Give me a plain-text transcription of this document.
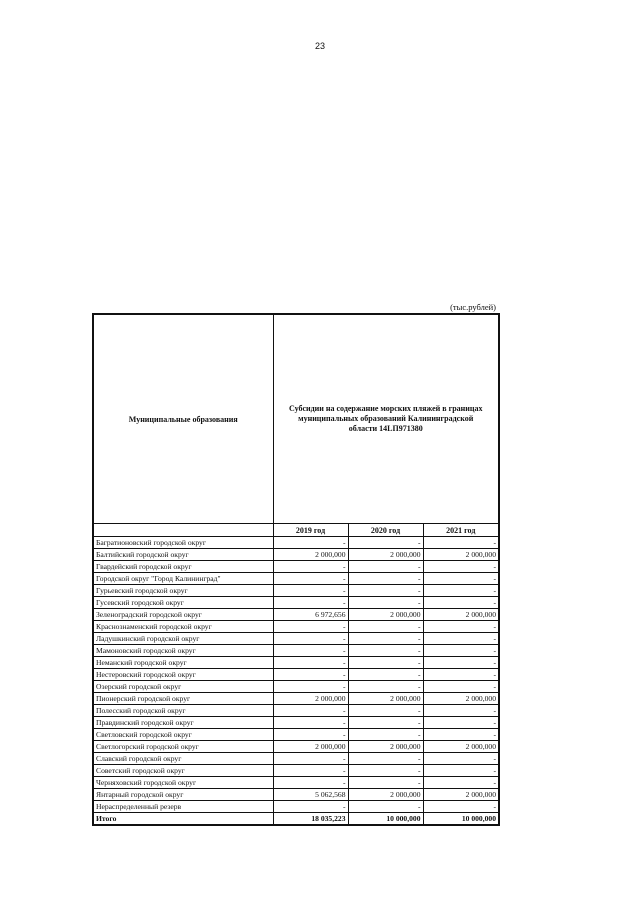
23
(тыс.рублей)
Муниципальные образования	Субсидии на содержание морских пляжей в границах муниципальных образований Калининградской области 14LП971380		
	2019 год	2020 год	2021 год
Багратионовский городской округ	-	-	-
Балтийский городской округ	2 000,000	2 000,000	2 000,000
Гвардейский городской округ	-	-	-
Городской округ "Город Калининград"	-	-	-
Гурьевский городской округ	-	-	-
Гусевский городской округ	-	-	-
Зеленоградский городской округ	6 972,656	2 000,000	2 000,000
Краснознаменский городской округ	-	-	-
Ладушкинский городской округ	-	-	-
Мамоновский городской округ	-	-	-
Неманский городской округ	-	-	-
Нестеровский городской округ	-	-	-
Озерский городской округ	-	-	-
Пионерский городской округ	2 000,000	2 000,000	2 000,000
Полесский городской округ	-	-	-
Правдинский городской округ	-	-	-
Светловский городской округ	-	-	-
Светлогорский городской округ	2 000,000	2 000,000	2 000,000
Славский городской округ	-	-	-
Советский городской округ	-	-	-
Черняховский городской округ	-	-	-
Янтарный городской округ	5 062,568	2 000,000	2 000,000
Нераспределенный резерв	-	-	-
Итого	18 035,223	10 000,000	10 000,000
